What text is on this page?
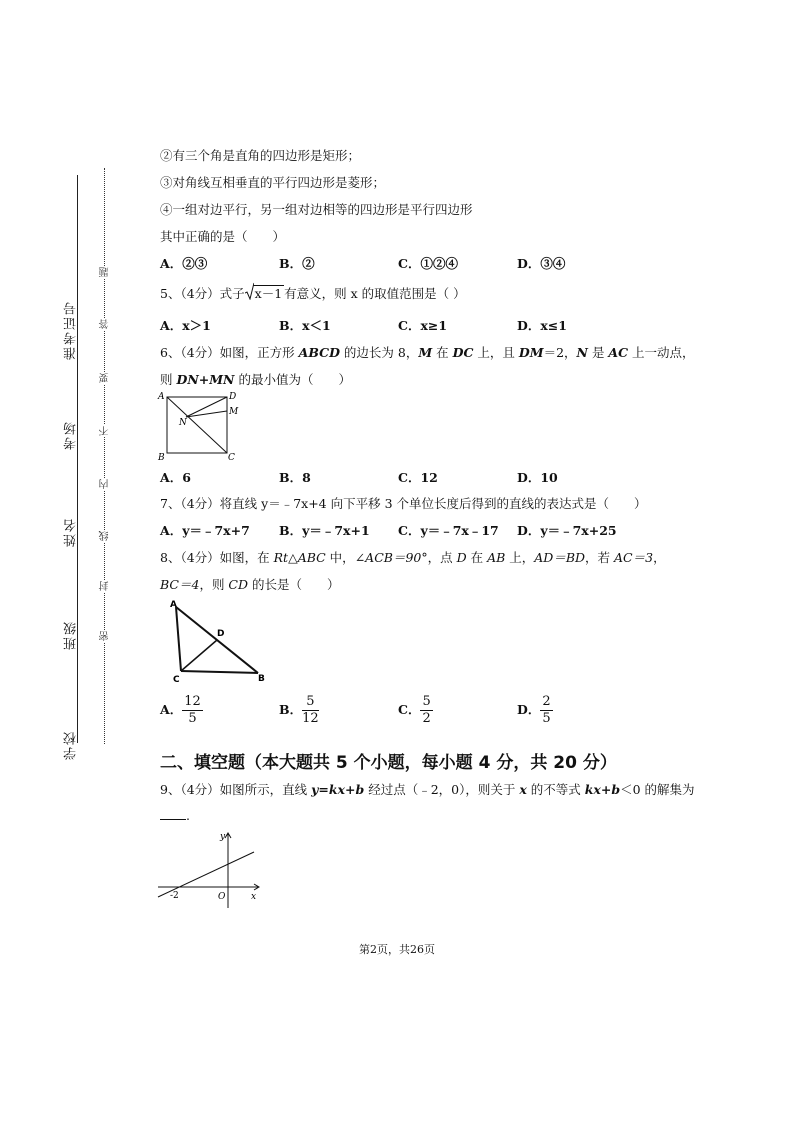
准考证号
考场
姓名
班级
学校
题
答
要
不
内
线
封
密
②有三个角是直角的四边形是矩形；
③对角线互相垂直的平行四边形是菱形；
④一组对边平行，另一组对边相等的四边形是平行四边形
其中正确的是（　　）
A．②③	B．②	C．①②④	D．③④
5、（4分）式子 x－1 有意义，则 x 的取值范围是（ ）
A．x＞1	B．x＜1	C．x≥1	D．x≤1
6、（4分）如图，正方形 ABCD 的边长为 8，M 在 DC 上，且 DM＝2，N 是 AC 上一动点，
则 DN+MN 的最小值为（　　）
A	D
M
N
B	C
A．6	B．8	C．12	D．10
7、（4分）将直线 y＝﹣7x+4 向下平移 3 个单位长度后得到的直线的表达式是（　　）
A．y＝﹣7x+7 B．y＝﹣7x+1 C．y＝﹣7x﹣17 D．y＝﹣7x+25
8、（4分）如图，在 Rt△ABC 中，∠ACB＝90°，点 D 在 AB 上，AD＝BD，若 AC＝3，
BC＝4，则 CD 的长是（　　）
A
D
C	B
A． $\frac{12}{5}$	B． $\frac{5}{12}$	C． $\frac{5}{2}$	D． $\frac{2}{5}$
二、填空题（本大题共 5 个小题，每小题 4 分，共 20 分）
9、（4分）如图所示，直线 y=kx+b 经过点（﹣2，0），则关于 x 的不等式 kx+b＜0 的解集为
.
y
x
O
-2
第2页，共26页
